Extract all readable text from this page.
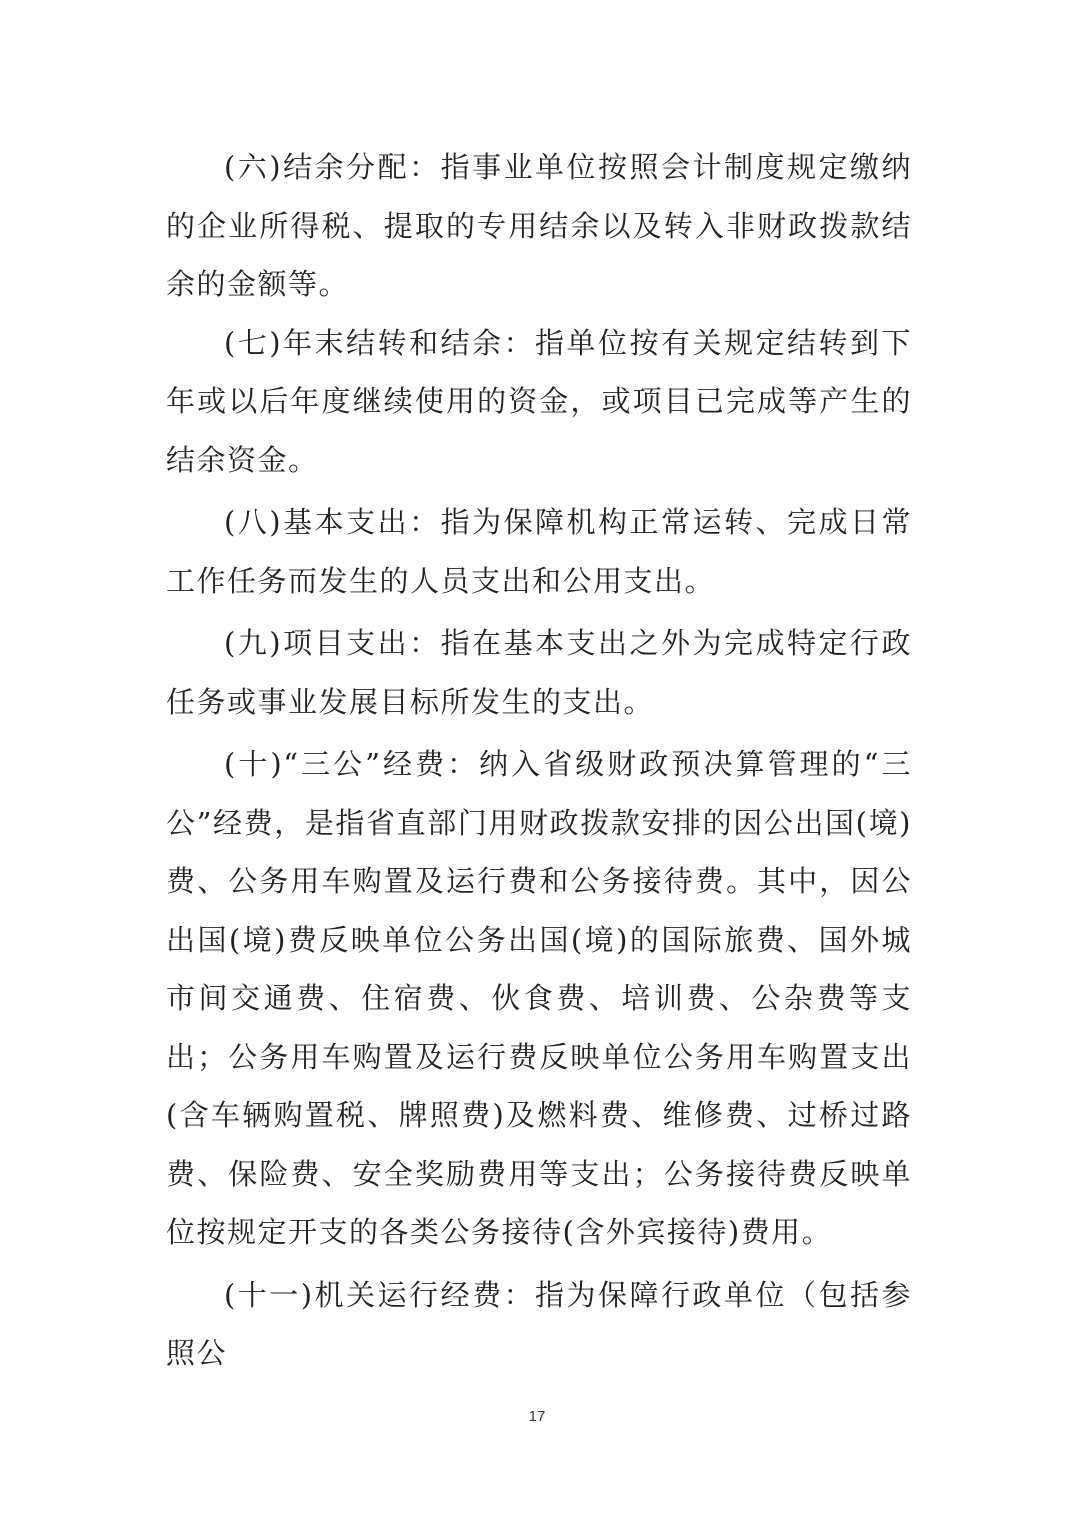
(六)结余分配：指事业单位按照会计制度规定缴纳的企业所得税、提取的专用结余以及转入非财政拨款结余的金额等。

(七)年末结转和结余：指单位按有关规定结转到下年或以后年度继续使用的资金，或项目已完成等产生的结余资金。

(八)基本支出：指为保障机构正常运转、完成日常工作任务而发生的人员支出和公用支出。

(九)项目支出：指在基本支出之外为完成特定行政任务或事业发展目标所发生的支出。

(十)“三公”经费：纳入省级财政预决算管理的“三公”经费，是指省直部门用财政拨款安排的因公出国(境)费、公务用车购置及运行费和公务接待费。其中，因公出国(境)费反映单位公务出国(境)的国际旅费、国外城市间交通费、住宿费、伙食费、培训费、公杂费等支出；公务用车购置及运行费反映单位公务用车购置支出(含车辆购置税、牌照费)及燃料费、维修费、过桥过路费、保险费、安全奖励费用等支出；公务接待费反映单位按规定开支的各类公务接待(含外宾接待)费用。

(十一)机关运行经费：指为保障行政单位（包括参照公

17
